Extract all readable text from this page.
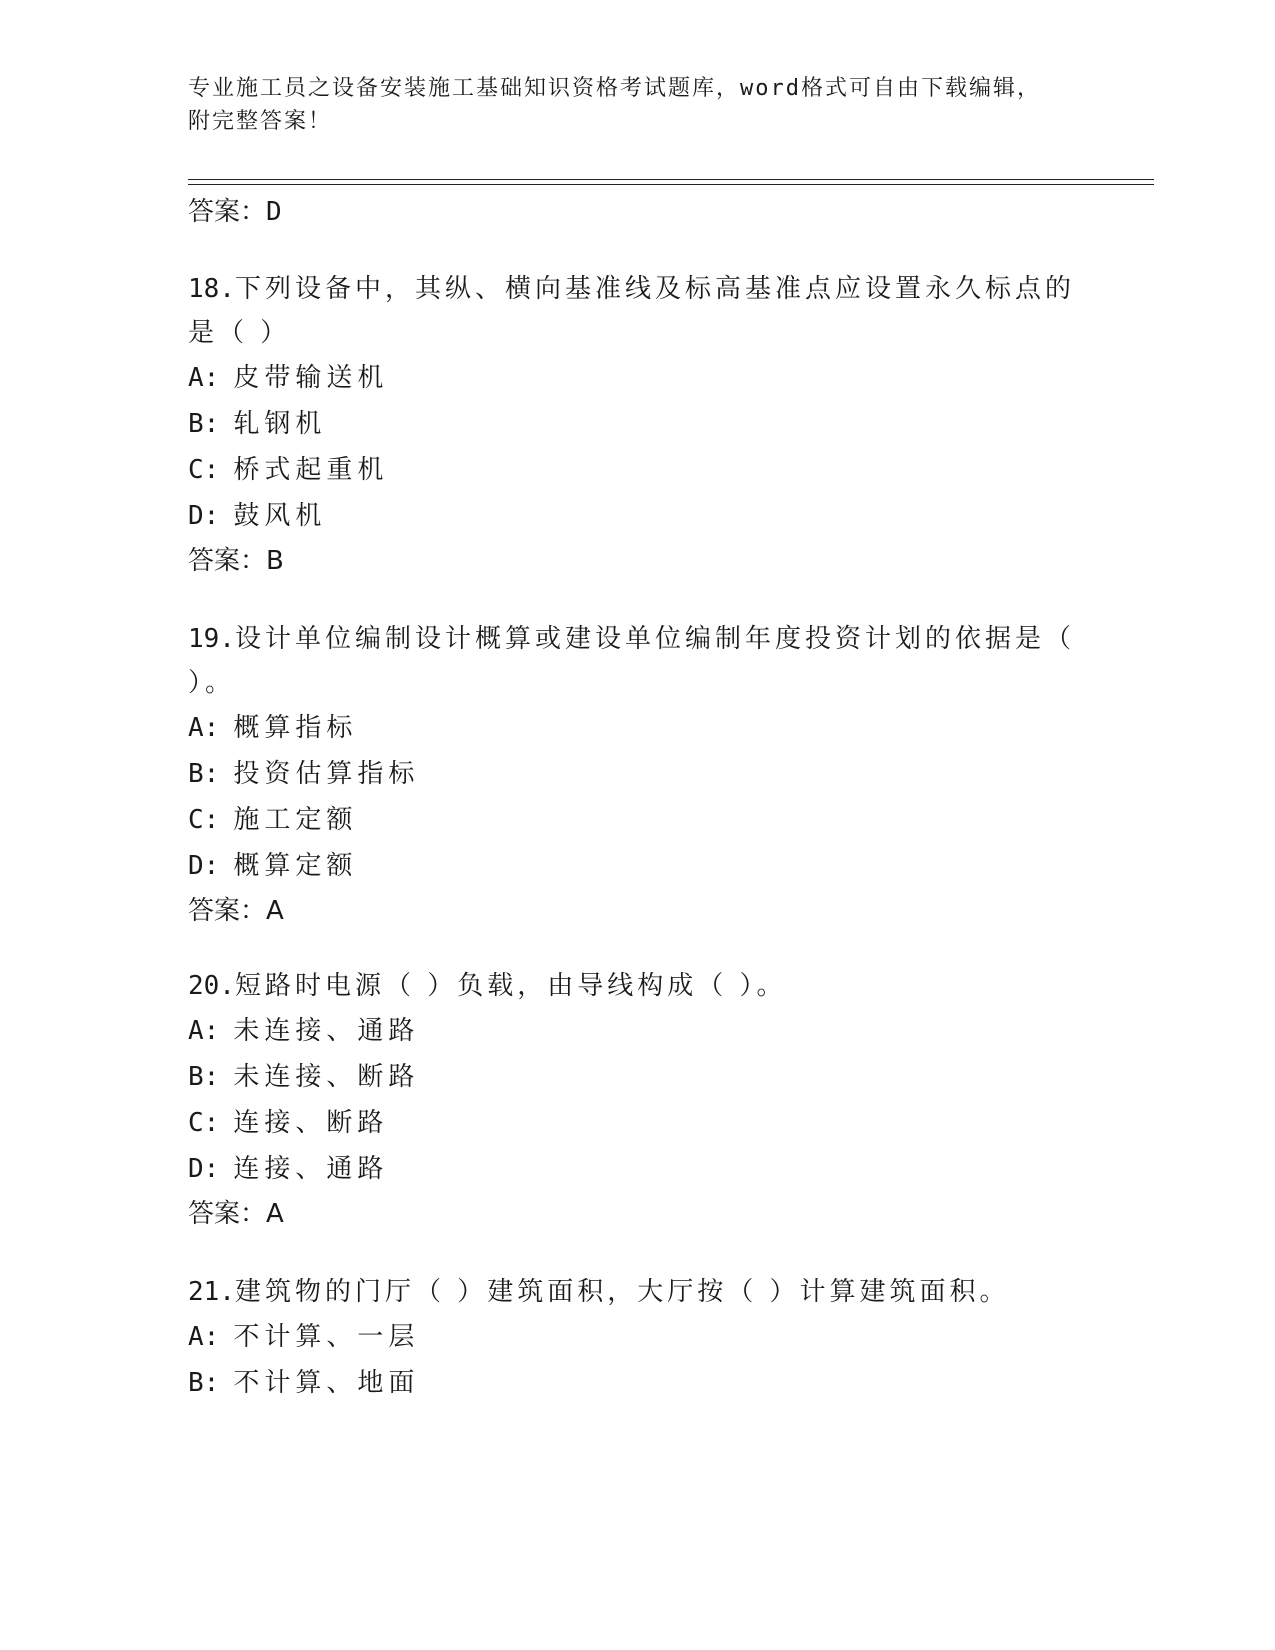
专业施工员之设备安装施工基础知识资格考试题库，word格式可自由下载编辑，
附完整答案！
答案：D
18.下列设备中，其纵、横向基准线及标高基准点应设置永久标点的是（ ）
A: 皮带输送机
B: 轧钢机
C: 桥式起重机
D: 鼓风机
答案：B
19.设计单位编制设计概算或建设单位编制年度投资计划的依据是（ ）。
A: 概算指标
B: 投资估算指标
C: 施工定额
D: 概算定额
答案：A
20.短路时电源（ ）负载，由导线构成（ ）。
A: 未连接、通路
B: 未连接、断路
C: 连接、断路
D: 连接、通路
答案：A
21.建筑物的门厅（ ）建筑面积，大厅按（ ）计算建筑面积。
A: 不计算、一层
B: 不计算、地面
